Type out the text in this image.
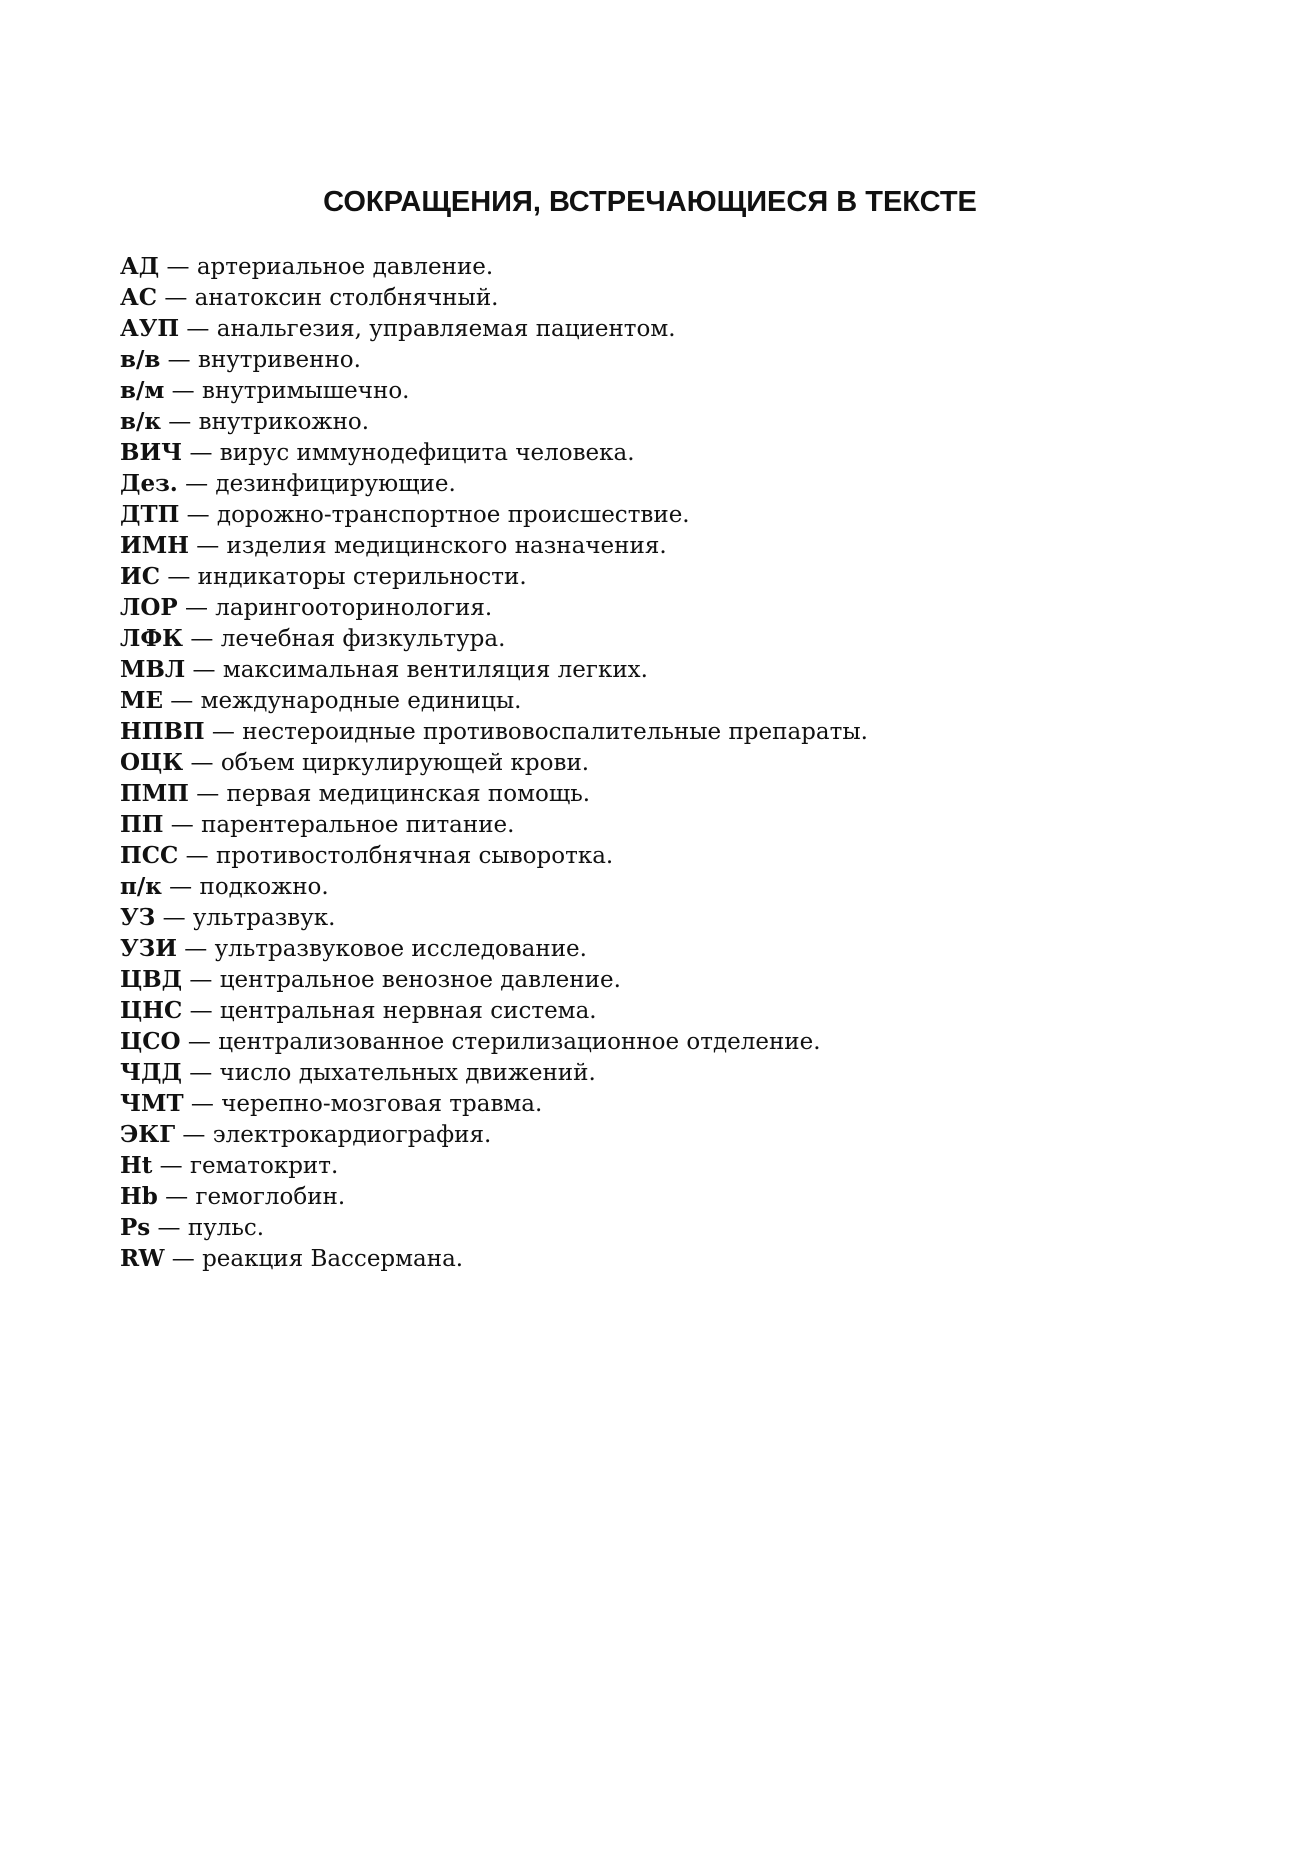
СОКРАЩЕНИЯ, ВСТРЕЧАЮЩИЕСЯ В ТЕКСТЕ
АД — артериальное давление.
АС — анатоксин столбнячный.
АУП — анальгезия, управляемая пациентом.
в/в — внутривенно.
в/м — внутримышечно.
в/к — внутрикожно.
ВИЧ — вирус иммунодефицита человека.
Дез. — дезинфицирующие.
ДТП — дорожно-транспортное происшествие.
ИМН — изделия медицинского назначения.
ИС — индикаторы стерильности.
ЛОР — ларингооторинология.
ЛФК — лечебная физкультура.
МВЛ — максимальная вентиляция легких.
МЕ — международные единицы.
НПВП — нестероидные противовоспалительные препараты.
ОЦК — объем циркулирующей крови.
ПМП — первая медицинская помощь.
ПП — парентеральное питание.
ПСС — противостолбнячная сыворотка.
п/к — подкожно.
УЗ — ультразвук.
УЗИ — ультразвуковое исследование.
ЦВД — центральное венозное давление.
ЦНС — центральная нервная система.
ЦСО — централизованное стерилизационное отделение.
ЧДД — число дыхательных движений.
ЧМТ — черепно-мозговая травма.
ЭКГ — электрокардиография.
Ht — гематокрит.
Hb — гемоглобин.
Ps — пульс.
RW — реакция Вассермана.
